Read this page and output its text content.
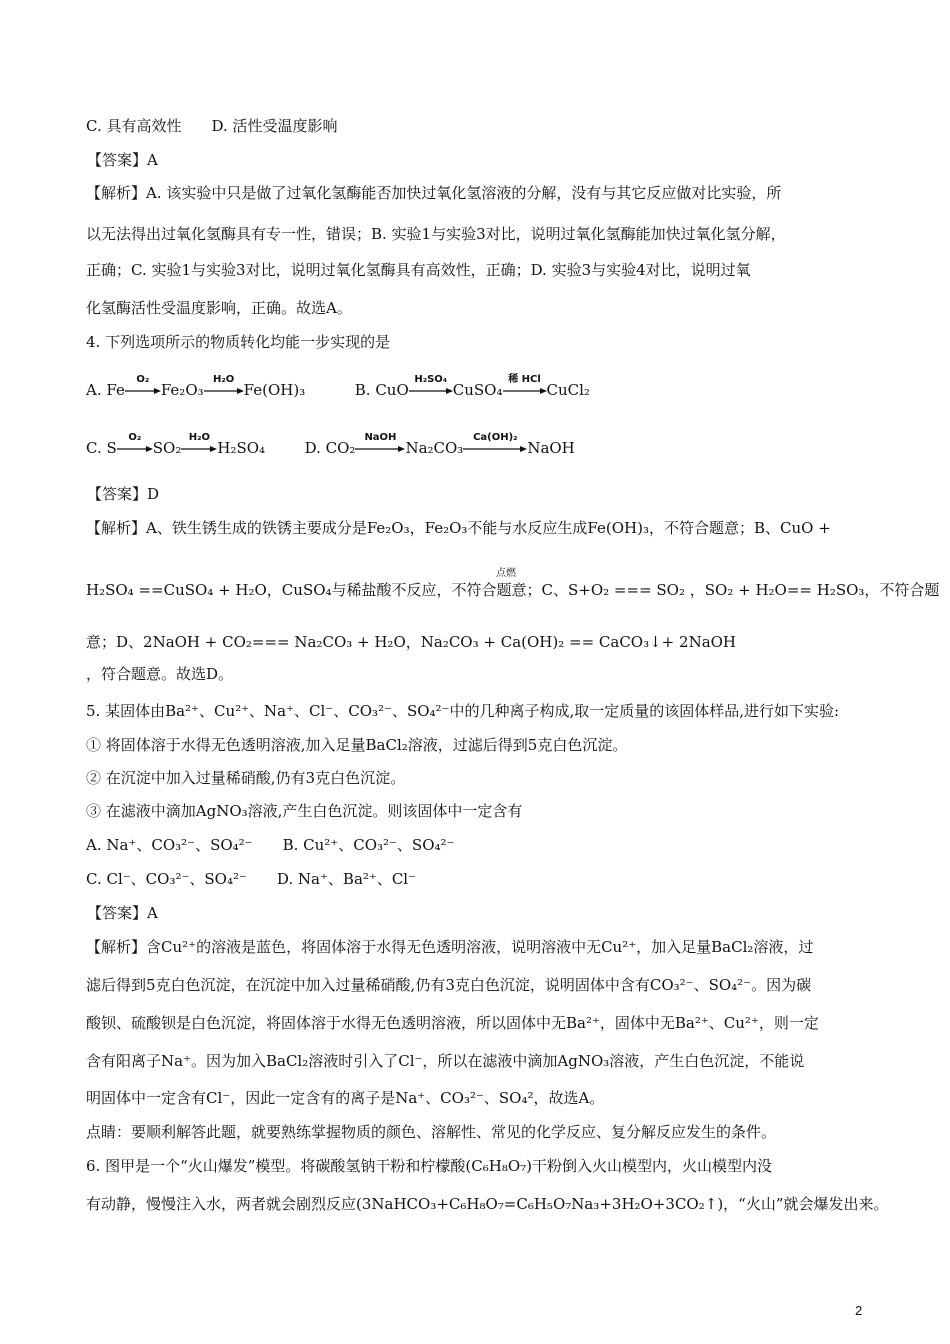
C. 具有高效性　　D. 活性受温度影响
【答案】A
【解析】A. 该实验中只是做了过氧化氢酶能否加快过氧化氢溶液的分解，没有与其它反应做对比实验，所
以无法得出过氧化氢酶具有专一性，错误；B. 实验1与实验3对比，说明过氧化氢酶能加快过氧化氢分解，
正确；C. 实验1与实验3对比，说明过氧化氢酶具有高效性，正确；D. 实验3与实验4对比，说明过氧
化氢酶活性受温度影响，正确。故选A。
4. 下列选项所示的物质转化均能一步实现的是
A. Fe
O₂
Fe₂O₃
H₂O
Fe(OH)₃	B. CuO
H₂SO₄
CuSO₄
稀 HCl
CuCl₂
C. S
O₂
SO₂
H₂O
H₂SO₄	D. CO₂
NaOH
Na₂CO₃
Ca(OH)₂
NaOH
【答案】D
【解析】A、铁生锈生成的铁锈主要成分是Fe₂O₃，Fe₂O₃不能与水反应生成Fe(OH)₃，不符合题意；B、CuO +
点燃
H₂SO₄ ==CuSO₄ + H₂O，CuSO₄与稀盐酸不反应，不符合题意；C、S+O₂ === SO₂ ，SO₂ + H₂O== H₂SO₃，不符合题
意；D、2NaOH + CO₂=== Na₂CO₃ + H₂O，Na₂CO₃ + Ca(OH)₂ == CaCO₃↓+ 2NaOH
，符合题意。故选D。
5. 某固体由Ba²⁺、Cu²⁺、Na⁺、Cl⁻、CO₃²⁻、SO₄²⁻中的几种离子构成,取一定质量的该固体样品,进行如下实验:
① 将固体溶于水得无色透明溶液,加入足量BaCl₂溶液，过滤后得到5克白色沉淀。
② 在沉淀中加入过量稀硝酸,仍有3克白色沉淀。
③ 在滤液中滴加AgNO₃溶液,产生白色沉淀。则该固体中一定含有
A. Na⁺、CO₃²⁻、SO₄²⁻　　B. Cu²⁺、CO₃²⁻、SO₄²⁻
C. Cl⁻、CO₃²⁻、SO₄²⁻　　D. Na⁺、Ba²⁺、Cl⁻
【答案】A
【解析】含Cu²⁺的溶液是蓝色，将固体溶于水得无色透明溶液，说明溶液中无Cu²⁺，加入足量BaCl₂溶液，过
滤后得到5克白色沉淀，在沉淀中加入过量稀硝酸,仍有3克白色沉淀，说明固体中含有CO₃²⁻、SO₄²⁻。因为碳
酸钡、硫酸钡是白色沉淀，将固体溶于水得无色透明溶液，所以固体中无Ba²⁺，固体中无Ba²⁺、Cu²⁺，则一定
含有阳离子Na⁺。因为加入BaCl₂溶液时引入了Cl⁻，所以在滤液中滴加AgNO₃溶液，产生白色沉淀，不能说
明固体中一定含有Cl⁻，因此一定含有的离子是Na⁺、CO₃²⁻、SO₄²，故选A。
点睛：要顺利解答此题，就要熟练掌握物质的颜色、溶解性、常见的化学反应、复分解反应发生的条件。
6. 图甲是一个“火山爆发”模型。将碳酸氢钠干粉和柠檬酸(C₆H₈O₇)干粉倒入火山模型内，火山模型内没
有动静，慢慢注入水，两者就会剧烈反应(3NaHCO₃+C₆H₈O₇=C₆H₅O₇Na₃+3H₂O+3CO₂↑)，“火山”就会爆发出来。
2
